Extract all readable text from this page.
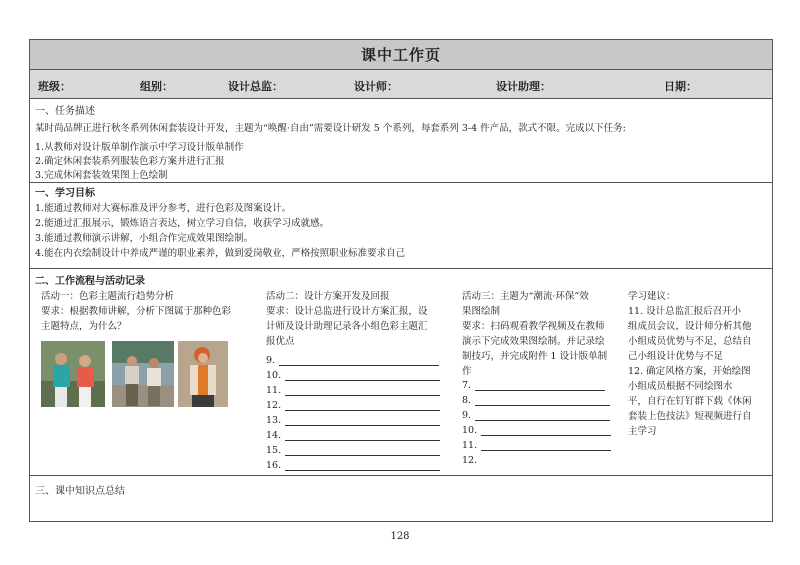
课中工作页
班级：	组别：	设计总监：	设计师：	设计助理：	日期：
一、任务描述
某时尚品牌正进行秋冬系列休闲套装设计开发，主题为“唤醒·自由”需要设计研发 5 个系列，每套系列 3-4 件产品，款式不限。完成以下任务:
1.从教师对设计版单制作演示中学习设计版单制作
2.确定休闲套装系列服装色彩方案并进行汇报
3.完成休闲套装效果图上色绘制
一、学习目标
1.能通过教师对大赛标准及评分参考，进行色彩及图案设计。
2.能通过汇报展示，锻炼语言表达，树立学习自信，收获学习成就感。
3.能通过教师演示讲解，小组合作完成效果图绘制。
4.能在内衣绘制设计中养成严谨的职业素养，做到爱岗敬业，严格按照职业标准要求自己
二、工作流程与活动记录
活动一：色彩主题流行趋势分析
要求：根据教师讲解，分析下图属于那种色彩
主题特点，为什么？
活动二：设计方案开发及回报
要求：设计总监进行设计方案汇报，设
计师及设计助理记录各小组色彩主题汇
报优点
9.
10.
11.
12.
13.
14.
15.
16.
活动三：主题为“潮流·环保”效
果图绘制
要求：扫码观看教学视频及在教师
演示下完成效果图绘制。并记录绘
制技巧，并完成附件 1 设计版单制
作
7.
8.
9.
10.
11.
12.
学习建议：
11. 设计总监汇报后召开小
组成员会议，设计师分析其他
小组成员优势与不足，总结自
己小组设计优势与不足
12. 确定风格方案，开始绘图
小组成员根据不同绘图水
平，自行在钉钉群下载《休闲
套装上色技法》短视频进行自
主学习
三、课中知识点总结
128
